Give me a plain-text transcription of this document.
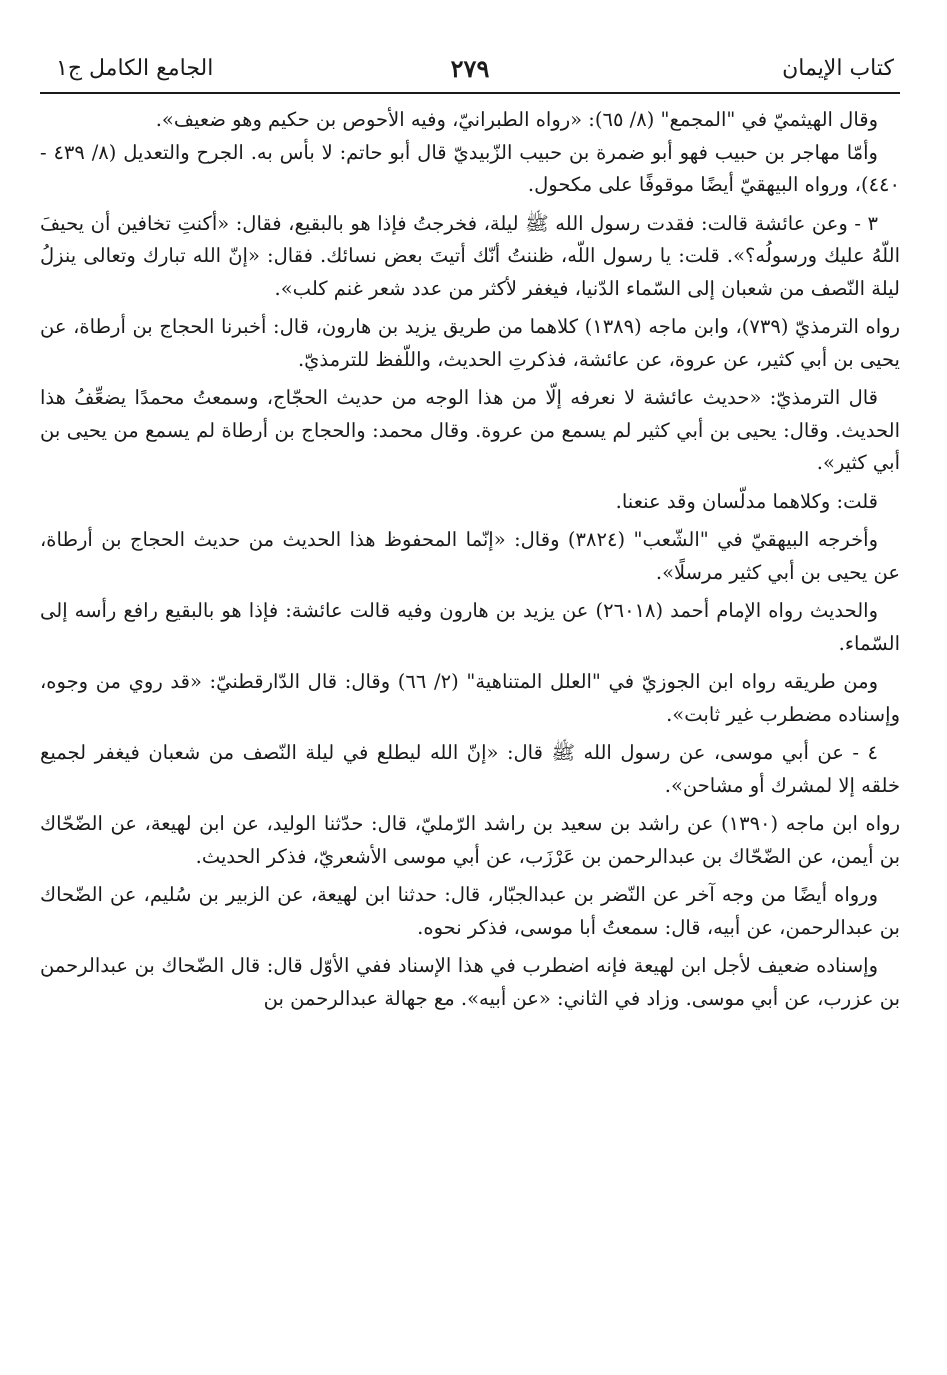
كتاب الإيمان
٢٧٩
الجامع الكامل ج١

وقال الهيثميّ في "المجمع" (٨/ ٦٥): «رواه الطبرانيّ، وفيه الأحوص بن حكيم وهو ضعيف».

وأمّا مهاجر بن حبيب فهو أبو ضمرة بن حبيب الزّبيديّ قال أبو حاتم: لا بأس به. الجرح والتعديل (٨/ ٤٣٩ - ٤٤٠)، ورواه البيهقيّ أيضًا موقوفًا على مكحول.

٣ - وعن عائشة قالت: فقدت رسول الله ﷺ ليلة، فخرجتُ فإذا هو بالبقيع، فقال: «أكنتِ تخافين أن يحيفَ اللّهُ عليك ورسولُه؟». قلت: يا رسول اللّه، ظننتُ أنّك أتيتَ بعض نسائك. فقال: «إنّ الله تبارك وتعالى ينزلُ ليلة النّصف من شعبان إلى السّماء الدّنيا، فيغفر لأكثر من عدد شعر غنم كلب».

رواه الترمذيّ (٧٣٩)، وابن ماجه (١٣٨٩) كلاهما من طريق يزيد بن هارون، قال: أخبرنا الحجاج بن أرطاة، عن يحيى بن أبي كثير، عن عروة، عن عائشة، فذكرتِ الحديث، واللّفظ للترمذيّ.

قال الترمذيّ: «حديث عائشة لا نعرفه إلّا من هذا الوجه من حديث الحجّاج، وسمعتُ محمدًا يضعِّفُ هذا الحديث. وقال: يحيى بن أبي كثير لم يسمع من عروة. وقال محمد: والحجاج بن أرطاة لم يسمع من يحيى بن أبي كثير».

قلت: وكلاهما مدلّسان وقد عنعنا.

وأخرجه البيهقيّ في "الشّعب" (٣٨٢٤) وقال: «إنّما المحفوظ هذا الحديث من حديث الحجاج بن أرطاة، عن يحيى بن أبي كثير مرسلًا».

والحديث رواه الإمام أحمد (٢٦٠١٨) عن يزيد بن هارون وفيه قالت عائشة: فإذا هو بالبقيع رافع رأسه إلى السّماء.

ومن طريقه رواه ابن الجوزيّ في "العلل المتناهية" (٢/ ٦٦) وقال: قال الدّارقطنيّ: «قد روي من وجوه، وإسناده مضطرب غير ثابت».

٤ - عن أبي موسى، عن رسول الله ﷺ قال: «إنّ الله ليطلع في ليلة النّصف من شعبان فيغفر لجميع خلقه إلا لمشرك أو مشاحن».

رواه ابن ماجه (١٣٩٠) عن راشد بن سعيد بن راشد الرّمليّ، قال: حدّثنا الوليد، عن ابن لهيعة، عن الضّحّاك بن أيمن، عن الضّحّاك بن عبدالرحمن بن عَرْزَب، عن أبي موسى الأشعريّ، فذكر الحديث.

ورواه أيضًا من وجه آخر عن النّضر بن عبدالجبّار، قال: حدثنا ابن لهيعة، عن الزبير بن سُليم، عن الضّحاك بن عبدالرحمن، عن أبيه، قال: سمعتُ أبا موسى، فذكر نحوه.

وإسناده ضعيف لأجل ابن لهيعة فإنه اضطرب في هذا الإسناد ففي الأوّل قال: قال الضّحاك بن عبدالرحمن بن عزرب، عن أبي موسى. وزاد في الثاني: «عن أبيه». مع جهالة عبدالرحمن بن
